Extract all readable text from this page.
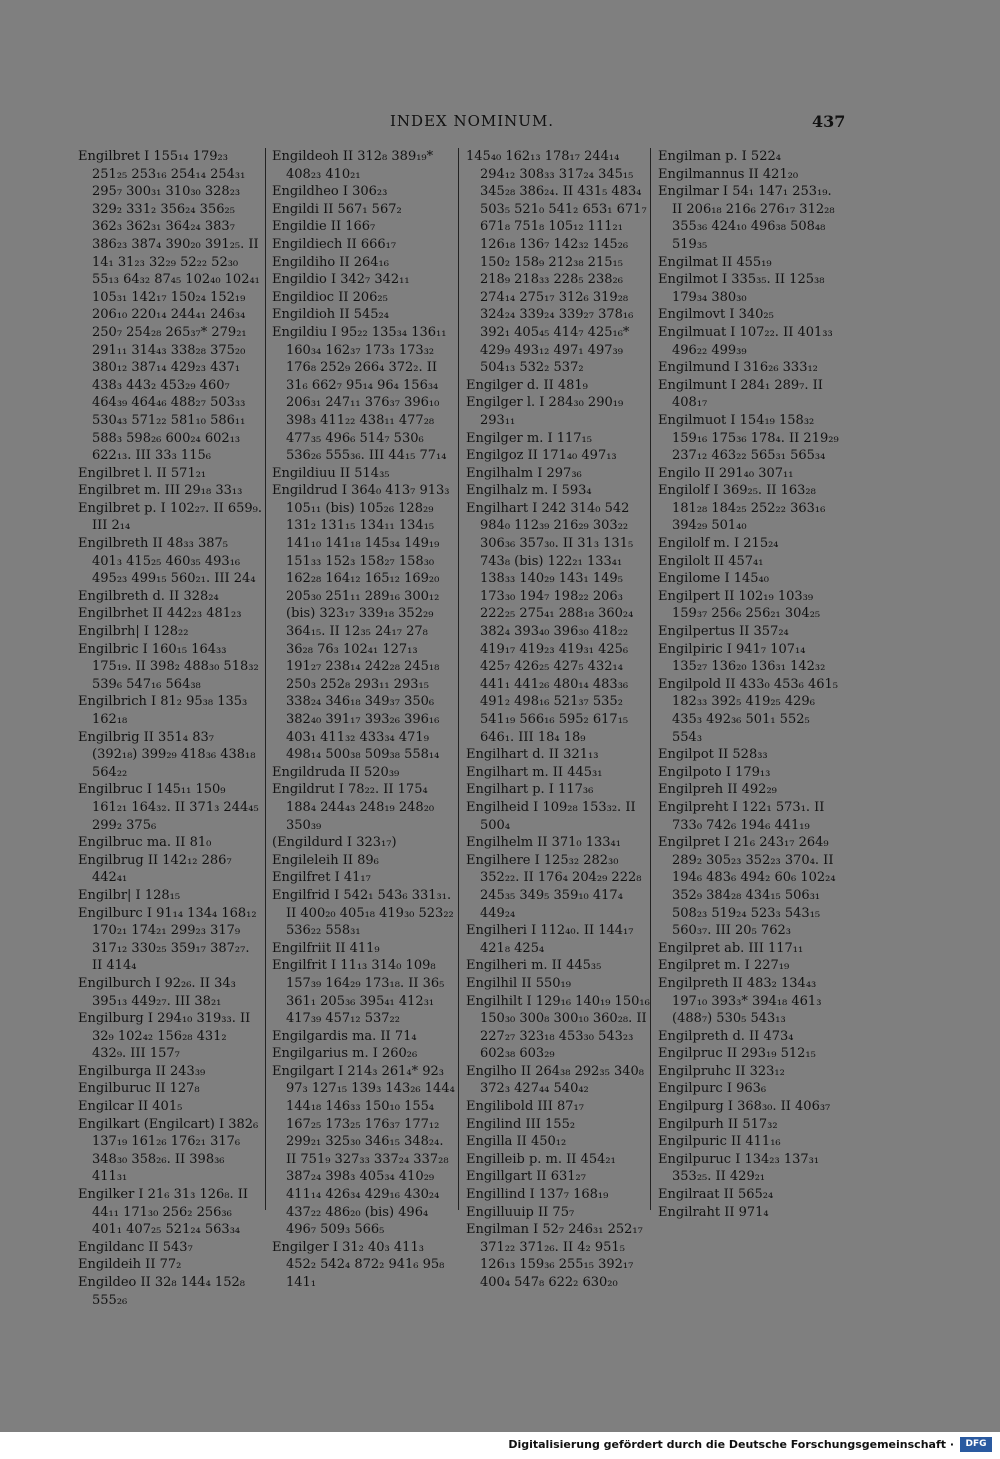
INDEX NOMINUM.	437

Engilbret I 155₁₄ 179₂₃ 251₂₅ 253₁₆ 254₁₄ 254₃₁ 295₇ 300₃₁ 310₃₀ 328₂₃ 329₂ 331₂ 356₂₄ 356₂₅ 362₃ 362₃₁ 364₂₄ 383₇ 386₂₃ 387₄ 390₂₀ 391₂₅. II 14₁ 31₂₃ 32₂₉ 52₂₂ 52₃₀ 55₁₃ 64₃₂ 87₄₅ 102₄₀ 102₄₁ 105₃₁ 142₁₇ 150₂₄ 152₁₉ 206₁₀ 220₁₄ 244₄₁ 246₃₄ 250₇ 254₂₈ 265₃₇* 279₂₁ 291₁₁ 314₄₃ 338₂₈ 375₂₀ 380₁₂ 387₁₄ 429₂₃ 437₁ 438₃ 443₂ 453₂₉ 460₇ 464₃₉ 464₄₆ 488₂₇ 503₃₃ 530₄₃ 571₂₂ 581₁₀ 586₁₁ 588₃ 598₂₆ 600₂₄ 602₁₃ 622₁₃. III 33₃ 115₆

Engilbret l. II 571₂₁

Engilbret m. III 29₁₈ 33₁₃

Engilbret p. I 102₂₇. II 659₉. III 2₁₄

Engilbreth II 48₃₃ 387₅ 401₃ 415₂₅ 460₃₅ 493₁₆ 495₂₃ 499₁₅ 560₂₁. III 24₄

Engilbreth d. II 328₂₄

Engilbrhet II 442₂₃ 481₂₃

Engilbrh| I 128₂₂

Engilbric I 160₁₅ 164₃₃ 175₁₉. II 398₂ 488₃₀ 518₃₂ 539₆ 547₁₆ 564₃₈

Engilbrich I 81₂ 95₃₈ 135₃ 162₁₈

Engilbrig II 351₄ 83₇ (392₁₈) 399₂₉ 418₃₆ 438₁₈ 564₂₂

Engilbruc I 145₁₁ 150₉ 161₂₁ 164₃₂. II 371₃ 244₄₅ 299₂ 375₆

Engilbruc ma. II 81₀

Engilbrug II 142₁₂ 286₇ 442₄₁

Engilbr| I 128₁₅

Engilburc I 91₁₄ 134₄ 168₁₂ 170₂₁ 174₂₁ 299₂₃ 317₉ 317₁₂ 330₂₅ 359₁₇ 387₂₇. II 414₄

Engilburch I 92₂₆. II 34₃ 395₁₃ 449₂₇. III 38₂₁

Engilburg I 294₁₀ 319₃₃. II 32₉ 102₄₂ 156₂₈ 431₂ 432₉. III 157₇

Engilburga II 243₃₉

Engilburuc II 127₈

Engilcar II 401₅

Engilkart (Engilcart) I 382₆ 137₁₉ 161₂₆ 176₂₁ 317₆ 348₃₀ 358₂₆. II 398₃₆ 411₃₁

Engilker I 21₆ 31₃ 126₈. II 44₁₁ 171₃₀ 256₂ 256₃₆ 401₁ 407₂₅ 521₂₄ 563₃₄

Engildanc II 543₇

Engildeih II 77₂

Engildeo II 32₈ 144₄ 152₈ 555₂₆

Engildeoh II 312₈ 389₁₉* 408₂₃ 410₂₁

Engildheo I 306₂₃

Engildi II 567₁ 567₂

Engildie II 166₇

Engildiech II 666₁₇

Engildiho II 264₁₆

Engildio I 342₇ 342₁₁

Engildioc II 206₂₅

Engildioh II 545₂₄

Engildiu I 95₂₂ 135₃₄ 136₁₁ 160₃₄ 162₃₇ 173₃ 173₃₂ 176₈ 252₉ 266₄ 372₂. II 31₆ 662₇ 95₁₄ 96₄ 156₃₄ 206₃₁ 247₁₁ 376₃₇ 396₁₀ 398₃ 411₂₂ 438₁₁ 477₂₈ 477₃₅ 496₆ 514₇ 530₆ 536₂₆ 555₃₆. III 44₁₅ 77₁₄

Engildiuu II 514₃₅

Engildrud I 364₀ 413₇ 913₃ 105₁₁ (bis) 105₂₆ 128₂₉ 131₂ 131₁₅ 134₁₁ 134₁₅ 141₁₀ 141₁₈ 145₃₄ 149₁₉ 151₃₃ 152₃ 158₂₇ 158₃₀ 162₂₈ 164₁₂ 165₁₂ 169₂₀ 205₃₀ 251₁₁ 289₁₆ 300₁₂ (bis) 323₁₇ 339₁₈ 352₂₉ 364₁₅. II 12₃₅ 24₁₇ 27₈ 36₂₈ 76₃ 102₄₁ 127₁₃ 191₂₇ 238₁₄ 242₂₈ 245₁₈ 250₃ 252₈ 293₁₁ 293₁₅ 338₂₄ 346₁₈ 349₃₇ 350₆ 382₄₀ 391₁₇ 393₂₆ 396₁₆ 403₁ 411₃₂ 433₃₄ 471₉ 498₁₄ 500₃₈ 509₃₈ 558₁₄

Engildruda II 520₃₉

Engildrut I 78₂₂. II 175₄ 188₄ 244₄₃ 248₁₉ 248₂₀ 350₃₉

(Engildurd I 323₁₇)

Engileleih II 89₆

Engilfret I 41₁₇

Engilfrid I 542₁ 543₆ 331₃₁. II 400₂₀ 405₁₈ 419₃₀ 523₂₂ 536₂₂ 558₃₁

Engilfriit II 411₉

Engilfrit I 11₁₃ 314₀ 109₈ 157₃₉ 164₂₉ 173₁₈. II 36₅ 361₁ 205₃₆ 395₄₁ 412₃₁ 417₃₉ 457₁₂ 537₂₂

Engilgardis ma. II 71₄

Engilgarius m. I 260₂₆

Engilgart I 214₃ 261₄* 92₃ 97₃ 127₁₅ 139₃ 143₂₆ 144₄ 144₁₈ 146₃₃ 150₁₀ 155₄ 167₂₅ 173₂₅ 176₃₇ 177₁₂ 299₂₁ 325₃₀ 346₁₅ 348₂₄. II 751₉ 327₃₃ 337₂₄ 337₂₈ 387₂₄ 398₃ 405₃₄ 410₂₉ 411₁₄ 426₃₄ 429₁₆ 430₂₄ 437₂₂ 486₂₀ (bis) 496₄ 496₇ 509₃ 566₅

Engilger I 31₂ 40₃ 411₃ 452₂ 542₄ 872₂ 941₆ 95₈ 141₁

145₄₀ 162₁₃ 178₁₇ 244₁₄ 294₁₂ 308₃₃ 317₂₄ 345₁₅ 345₂₈ 386₂₄. II 431₅ 483₄ 503₅ 521₀ 541₂ 653₁ 671₇ 671₈ 751₈ 105₁₂ 111₂₁ 126₁₈ 136₇ 142₃₂ 145₂₆ 150₂ 158₉ 212₃₈ 215₁₅ 218₉ 218₃₃ 228₅ 238₂₆ 274₁₄ 275₁₇ 312₆ 319₂₈ 324₂₄ 339₂₄ 339₂₇ 378₁₆ 392₁ 405₄₅ 414₇ 425₁₆* 429₉ 493₁₂ 497₁ 497₃₉ 504₁₃ 532₂ 537₂

Engilger d. II 481₉

Engilger l. I 284₃₀ 290₁₉ 293₁₁

Engilger m. I 117₁₅

Engilgoz II 171₄₀ 497₁₃

Engilhalm I 297₃₆

Engilhalz m. I 593₄

Engilhart I 242 314₀ 542 984₀ 112₃₉ 216₂₉ 303₂₂ 306₃₆ 357₃₀. II 31₃ 131₅ 743₈ (bis) 122₂₁ 133₄₁ 138₃₃ 140₂₉ 143₁ 149₅ 173₃₀ 194₇ 198₂₂ 206₃ 222₂₅ 275₄₁ 288₁₈ 360₂₄ 382₄ 393₄₀ 396₃₀ 418₂₂ 419₁₇ 419₂₃ 419₃₁ 425₆ 425₇ 426₂₅ 427₅ 432₁₄ 441₁ 441₂₆ 480₁₄ 483₃₆ 491₂ 498₁₆ 521₃₇ 535₂ 541₁₉ 566₁₆ 595₂ 617₁₅ 646₁. III 18₄ 18₉

Engilhart d. II 321₁₃

Engilhart m. II 445₃₁

Engilhart p. I 117₃₆

Engilheid I 109₂₈ 153₃₂. II 500₄

Engilhelm II 371₀ 133₄₁

Engilhere I 125₃₂ 282₃₀ 352₂₂. II 176₄ 204₂₉ 222₈ 245₃₅ 349₅ 359₁₀ 417₄ 449₂₄

Engilheri I 112₄₀. II 144₁₇ 421₈ 425₄

Engilheri m. II 445₃₅

Engilhil II 550₁₉

Engilhilt I 129₁₆ 140₁₉ 150₁₆ 150₃₀ 300₈ 300₁₀ 360₂₈. II 227₂₇ 323₁₈ 453₃₀ 543₂₃ 602₃₈ 603₂₉

Engilho II 264₃₈ 292₃₅ 340₈ 372₃ 427₄₄ 540₄₂

Engilibold III 87₁₇

Engilind III 155₂

Engilla II 450₁₂

Engilleib p. m. II 454₂₁

Engillgart II 631₂₇

Engillind I 137₇ 168₁₉

Engilluuip II 75₇

Engilman I 52₇ 246₃₁ 252₁₇ 371₂₂ 371₂₆. II 4₂ 951₅ 126₁₃ 159₃₆ 255₁₅ 392₁₇ 400₄ 547₈ 622₂ 630₂₀

Engilman p. I 522₄

Engilmannus II 421₂₀

Engilmar I 54₁ 147₁ 253₁₉. II 206₁₈ 216₆ 276₁₇ 312₂₈ 355₃₆ 424₁₀ 496₃₈ 508₄₈ 519₃₅

Engilmat II 455₁₉

Engilmot I 335₃₅. II 125₃₈ 179₃₄ 380₃₀

Engilmovt I 340₂₅

Engilmuat I 107₂₂. II 401₃₃ 496₂₂ 499₃₉

Engilmund I 316₂₆ 333₁₂

Engilmunt I 284₁ 289₇. II 408₁₇

Engilmuot I 154₁₉ 158₃₂ 159₁₆ 175₃₆ 178₄. II 219₂₉ 237₁₂ 463₂₂ 565₃₁ 565₃₄

Engilo II 291₄₀ 307₁₁

Engilolf I 369₂₅. II 163₂₈ 181₂₈ 184₂₅ 252₂₂ 363₁₆ 394₂₉ 501₄₀

Engilolf m. I 215₂₄

Engilolt II 457₄₁

Engilome I 145₄₀

Engilpert II 102₁₉ 103₃₉ 159₃₇ 256₆ 256₂₁ 304₂₅

Engilpertus II 357₂₄

Engilpiric I 941₇ 107₁₄ 135₂₇ 136₂₀ 136₃₁ 142₃₂

Engilpold II 433₀ 453₆ 461₅ 182₃₃ 392₅ 419₂₅ 429₆ 435₃ 492₃₆ 501₁ 552₅ 554₃

Engilpot II 528₃₃

Engilpoto I 179₁₃

Engilpreh II 492₂₉

Engilpreht I 122₁ 573₁. II 733₀ 742₆ 194₆ 441₁₉

Engilpret I 21₆ 243₁₇ 264₉ 289₂ 305₂₃ 352₂₃ 370₄. II 194₆ 483₆ 494₂ 60₆ 102₂₄ 352₉ 384₂₈ 434₁₅ 506₃₁ 508₂₃ 519₂₄ 523₃ 543₁₅ 560₃₇. III 20₅ 762₃

Engilpret ab. III 117₁₁

Engilpret m. I 227₁₉

Engilpreth II 483₂ 134₄₃ 197₁₀ 393₃* 394₁₈ 461₃ (488₇) 530₅ 543₁₃

Engilpreth d. II 473₄

Engilpruc II 293₁₉ 512₁₅

Engilpruhc II 323₁₂

Engilpurc I 963₆

Engilpurg I 368₃₀. II 406₃₇

Engilpurh II 517₃₂

Engilpuric II 411₁₆

Engilpuruc I 134₂₃ 137₃₁ 353₂₅. II 429₂₁

Engilraat II 565₂₄

Engilraht II 971₄

Digitalisierung gefördert durch die Deutsche Forschungsgemeinschaft ·	DFG
